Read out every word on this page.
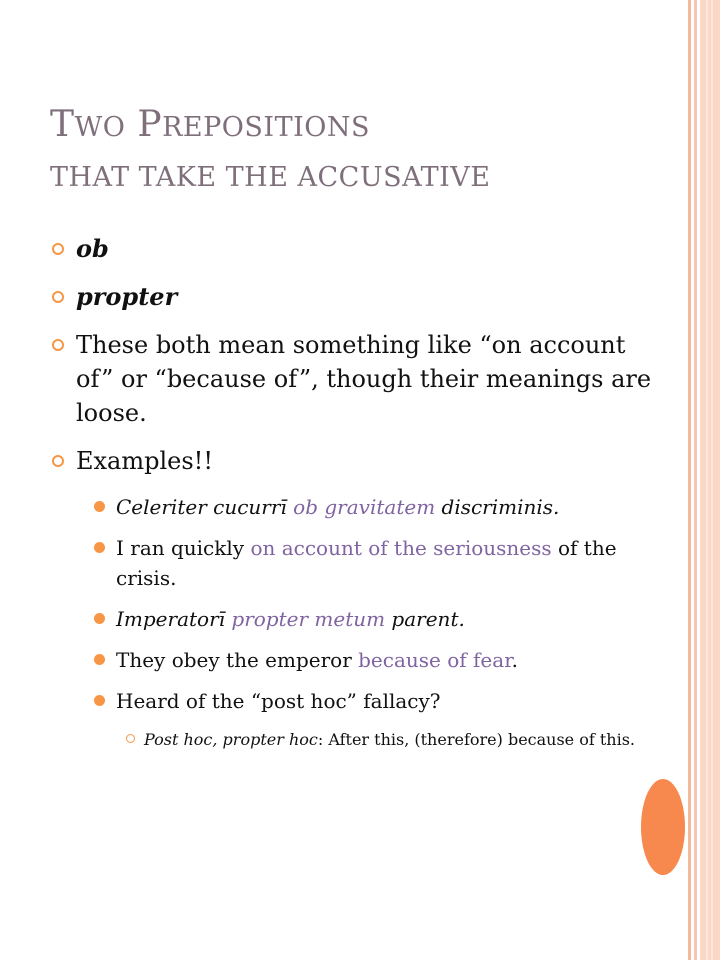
TWO PREPOSITIONS
THAT TAKE THE ACCUSATIVE
ob
propter
These both mean something like “on account of” or “because of”, though their meanings are loose.
Examples!!
Celeriter cucurrī ob gravitatem discriminis.
I ran quickly on account of the seriousness of the crisis.
Imperatorī propter metum parent.
They obey the emperor because of fear.
Heard of the “post hoc” fallacy?
Post hoc, propter hoc: After this, (therefore) because of this.
